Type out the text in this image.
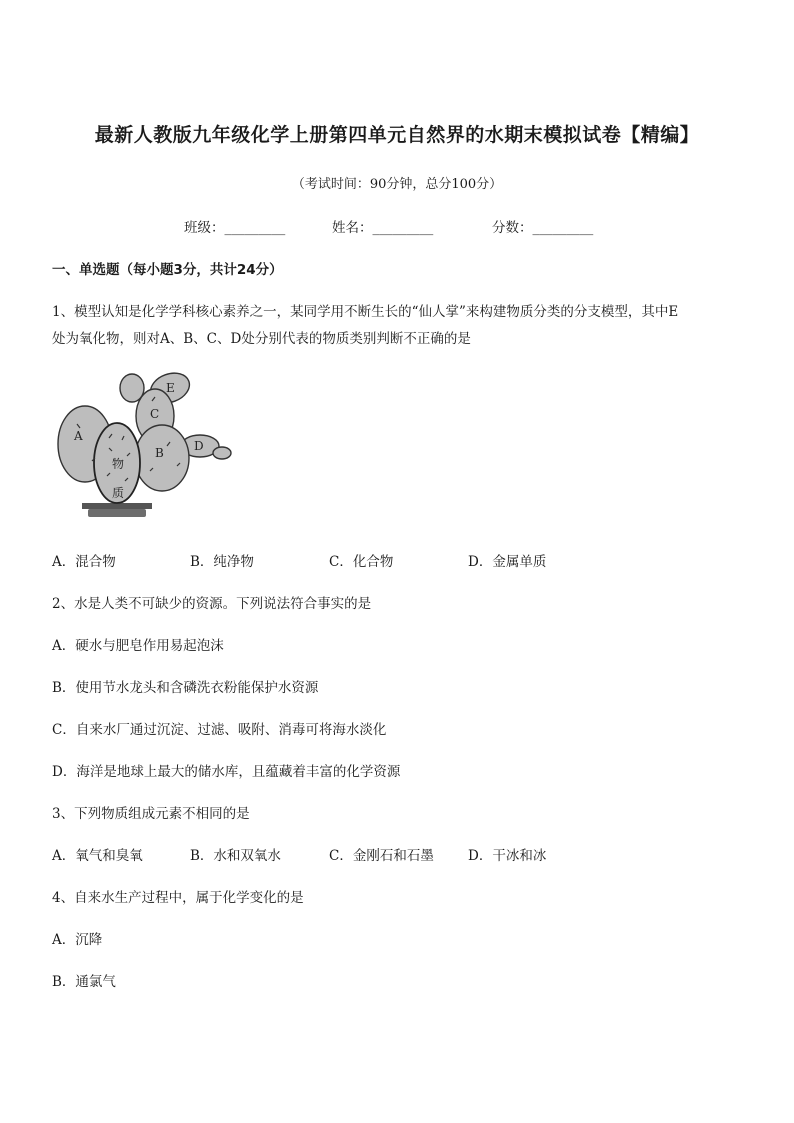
最新人教版九年级化学上册第四单元自然界的水期末模拟试卷【精编】
（考试时间：90分钟，总分100分）
班级：_________	姓名：_________	分数：_________
一、单选题（每小题3分，共计24分）
1、模型认知是化学学科核心素养之一，某同学用不断生长的“仙人掌”来构建物质分类的分支模型，其中E
处为氧化物，则对A、B、C、D处分别代表的物质类别判断不正确的是
A
B
C
D
E
物
质
A．混合物	B．纯净物	C．化合物	D．金属单质
2、水是人类不可缺少的资源。下列说法符合事实的是
A．硬水与肥皂作用易起泡沫
B．使用节水龙头和含磷洗衣粉能保护水资源
C．自来水厂通过沉淀、过滤、吸附、消毒可将海水淡化
D．海洋是地球上最大的储水库，且蕴藏着丰富的化学资源
3、下列物质组成元素不相同的是
A．氧气和臭氧	B．水和双氧水	C．金刚石和石墨	D．干冰和冰
4、自来水生产过程中，属于化学变化的是
A．沉降
B．通氯气
